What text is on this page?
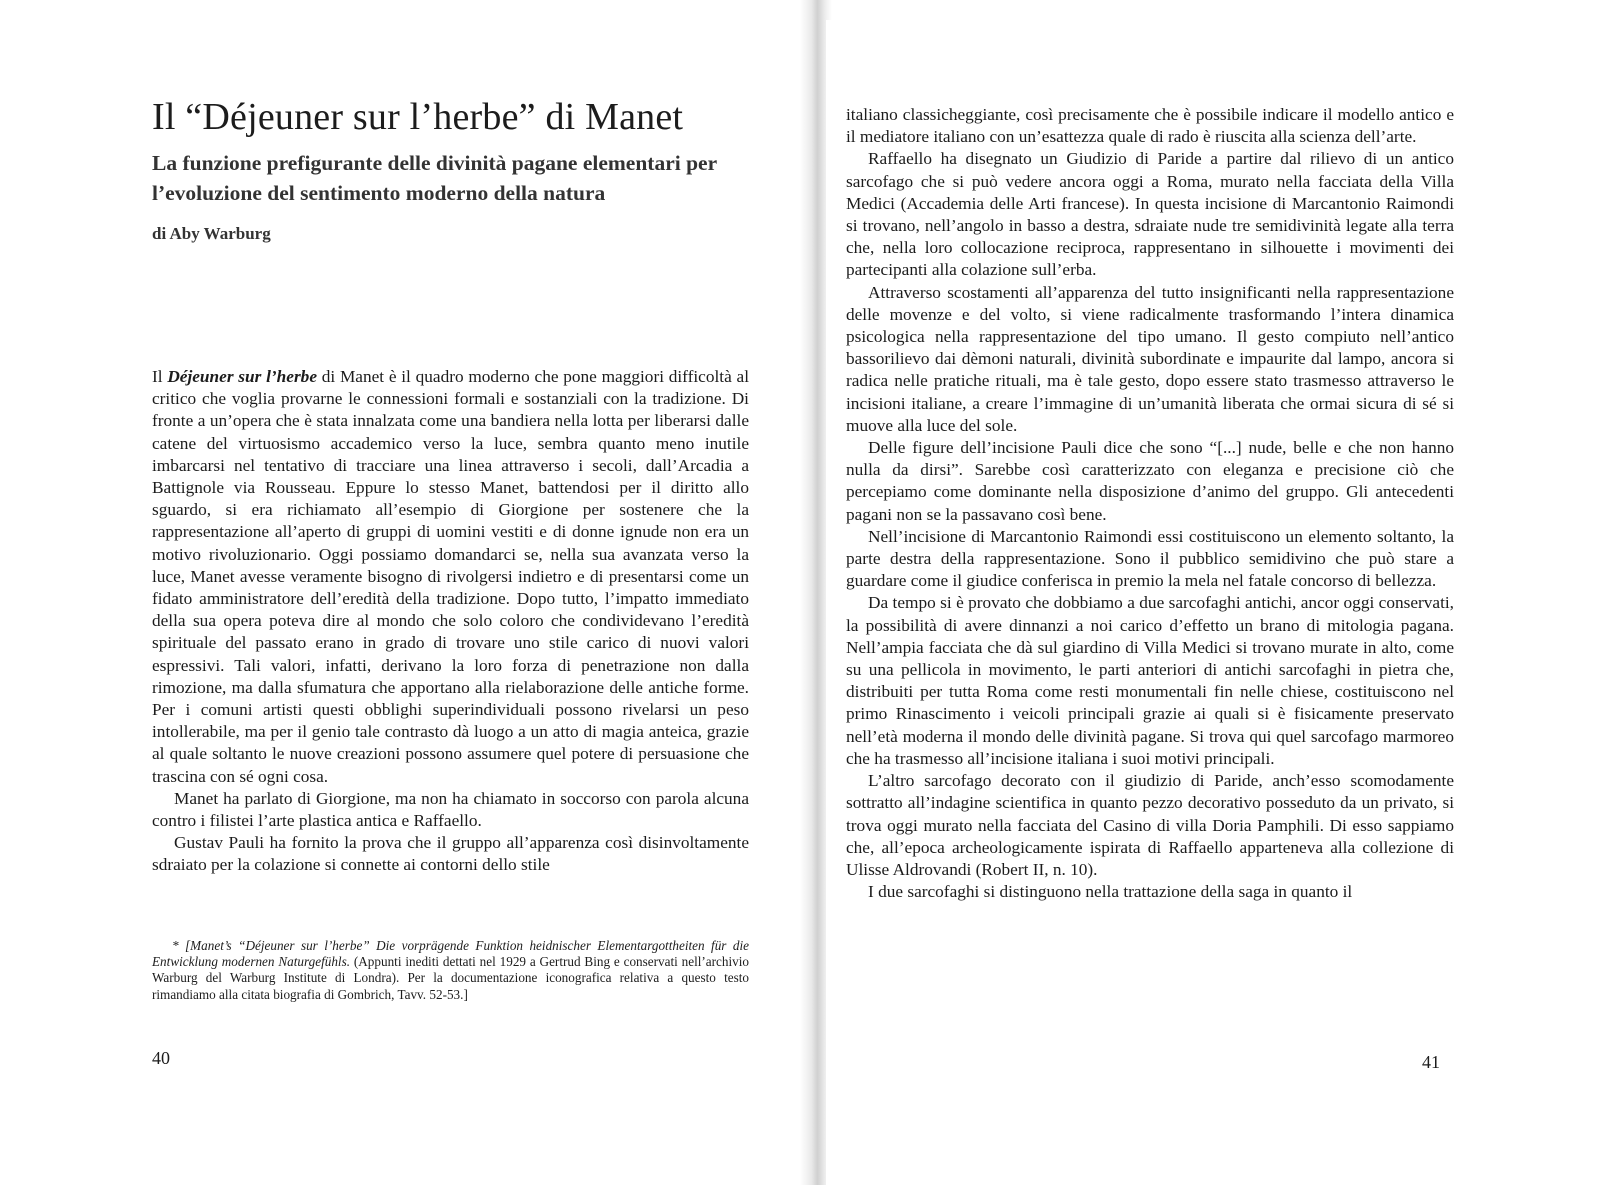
Il “Déjeuner sur l’herbe” di Manet
La funzione prefigurante delle divinità pagane elementari per l’evoluzione del sentimento moderno della natura
di Aby Warburg

Il Déjeuner sur l’herbe di Manet è il quadro moderno che pone maggiori difficoltà al critico che voglia provarne le connessioni formali e sostanziali con la tradizione. Di fronte a un’opera che è stata innalzata come una bandiera nella lotta per liberarsi dalle catene del virtuosismo accademico verso la luce, sembra quanto meno inutile imbarcarsi nel tentativo di tracciare una linea attraverso i secoli, dall’Arcadia a Battignole via Rousseau. Eppure lo stesso Manet, battendosi per il diritto allo sguardo, si era richiamato all’esempio di Giorgione per sostenere che la rappresentazione all’aperto di gruppi di uomini vestiti e di donne ignude non era un motivo rivoluzionario. Oggi possiamo domandarci se, nella sua avanzata verso la luce, Manet avesse veramente bisogno di rivolgersi indietro e di presentarsi come un fidato amministratore dell’eredità della tradizione. Dopo tutto, l’impatto immediato della sua opera poteva dire al mondo che solo coloro che condividevano l’eredità spirituale del passato erano in grado di trovare uno stile carico di nuovi valori espressivi. Tali valori, infatti, derivano la loro forza di penetrazione non dalla rimozione, ma dalla sfumatura che apportano alla rielaborazione delle antiche forme. Per i comuni artisti questi obblighi superindividuali possono rivelarsi un peso intollerabile, ma per il genio tale contrasto dà luogo a un atto di magia anteica, grazie al quale soltanto le nuove creazioni possono assumere quel potere di persuasione che trascina con sé ogni cosa.

Manet ha parlato di Giorgione, ma non ha chiamato in soccorso con parola alcuna contro i filistei l’arte plastica antica e Raffaello.

Gustav Pauli ha fornito la prova che il gruppo all’apparenza così disinvoltamente sdraiato per la colazione si connette ai contorni dello stile

* [Manet’s “Déjeuner sur l’herbe” Die vorprägende Funktion heidnischer Elementargottheiten für die Entwicklung modernen Naturgefühls. (Appunti inediti dettati nel 1929 a Gertrud Bing e conservati nell’archivio Warburg del Warburg Institute di Londra). Per la documentazione iconografica relativa a questo testo rimandiamo alla citata biografia di Gombrich, Tavv. 52-53.]

40

italiano classicheggiante, così precisamente che è possibile indicare il modello antico e il mediatore italiano con un’esattezza quale di rado è riuscita alla scienza dell’arte.

Raffaello ha disegnato un Giudizio di Paride a partire dal rilievo di un antico sarcofago che si può vedere ancora oggi a Roma, murato nella facciata della Villa Medici (Accademia delle Arti francese). In questa incisione di Marcantonio Raimondi si trovano, nell’angolo in basso a destra, sdraiate nude tre semidivinità legate alla terra che, nella loro collocazione reciproca, rappresentano in silhouette i movimenti dei partecipanti alla colazione sull’erba.

Attraverso scostamenti all’apparenza del tutto insignificanti nella rappresentazione delle movenze e del volto, si viene radicalmente trasformando l’intera dinamica psicologica nella rappresentazione del tipo umano. Il gesto compiuto nell’antico bassorilievo dai dèmoni naturali, divinità subordinate e impaurite dal lampo, ancora si radica nelle pratiche rituali, ma è tale gesto, dopo essere stato trasmesso attraverso le incisioni italiane, a creare l’immagine di un’umanità liberata che ormai sicura di sé si muove alla luce del sole.

Delle figure dell’incisione Pauli dice che sono “[...] nude, belle e che non hanno nulla da dirsi”. Sarebbe così caratterizzato con eleganza e precisione ciò che percepiamo come dominante nella disposizione d’animo del gruppo. Gli antecedenti pagani non se la passavano così bene.

Nell’incisione di Marcantonio Raimondi essi costituiscono un elemento soltanto, la parte destra della rappresentazione. Sono il pubblico semidivino che può stare a guardare come il giudice conferisca in premio la mela nel fatale concorso di bellezza.

Da tempo si è provato che dobbiamo a due sarcofaghi antichi, ancor oggi conservati, la possibilità di avere dinnanzi a noi carico d’effetto un brano di mitologia pagana. Nell’ampia facciata che dà sul giardino di Villa Medici si trovano murate in alto, come su una pellicola in movimento, le parti anteriori di antichi sarcofaghi in pietra che, distribuiti per tutta Roma come resti monumentali fin nelle chiese, costituiscono nel primo Rinascimento i veicoli principali grazie ai quali si è fisicamente preservato nell’età moderna il mondo delle divinità pagane. Si trova qui quel sarcofago marmoreo che ha trasmesso all’incisione italiana i suoi motivi principali.

L’altro sarcofago decorato con il giudizio di Paride, anch’esso scomodamente sottratto all’indagine scientifica in quanto pezzo decorativo posseduto da un privato, si trova oggi murato nella facciata del Casino di villa Doria Pamphili. Di esso sappiamo che, all’epoca archeologicamente ispirata di Raffaello apparteneva alla collezione di Ulisse Aldrovandi (Robert II, n. 10).

I due sarcofaghi si distinguono nella trattazione della saga in quanto il

41
